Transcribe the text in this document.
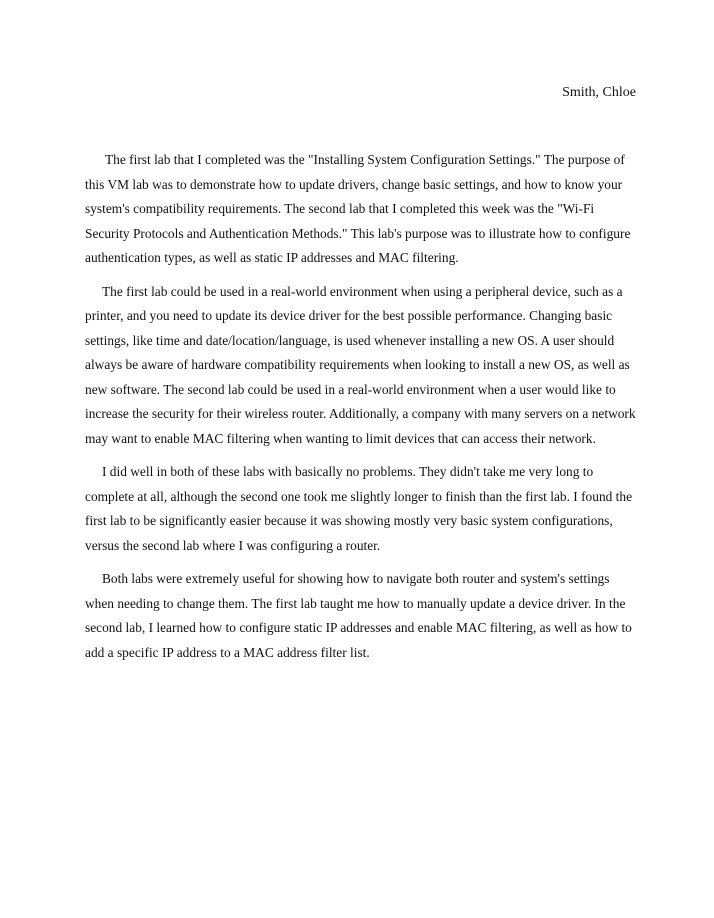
Smith, Chloe

The first lab that I completed was the "Installing System Configuration Settings." The purpose of this VM lab was to demonstrate how to update drivers, change basic settings, and how to know your system's compatibility requirements. The second lab that I completed this week was the "Wi-Fi Security Protocols and Authentication Methods." This lab's purpose was to illustrate how to configure authentication types, as well as static IP addresses and MAC filtering.

The first lab could be used in a real-world environment when using a peripheral device, such as a printer, and you need to update its device driver for the best possible performance. Changing basic settings, like time and date/location/language, is used whenever installing a new OS. A user should always be aware of hardware compatibility requirements when looking to install a new OS, as well as new software. The second lab could be used in a real-world environment when a user would like to increase the security for their wireless router. Additionally, a company with many servers on a network may want to enable MAC filtering when wanting to limit devices that can access their network.

I did well in both of these labs with basically no problems. They didn't take me very long to complete at all, although the second one took me slightly longer to finish than the first lab. I found the first lab to be significantly easier because it was showing mostly very basic system configurations, versus the second lab where I was configuring a router.

Both labs were extremely useful for showing how to navigate both router and system's settings when needing to change them. The first lab taught me how to manually update a device driver. In the second lab, I learned how to configure static IP addresses and enable MAC filtering, as well as how to add a specific IP address to a MAC address filter list.
